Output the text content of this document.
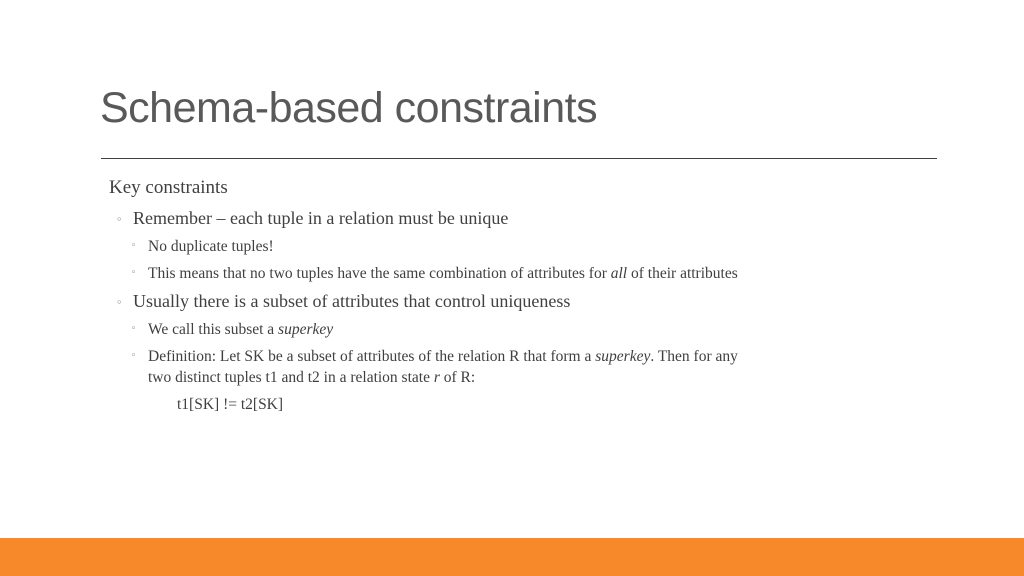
Schema-based constraints
Key constraints
◦ Remember – each tuple in a relation must be unique
◦ No duplicate tuples!
◦ This means that no two tuples have the same combination of attributes for all of their attributes
◦ Usually there is a subset of attributes that control uniqueness
◦ We call this subset a superkey
◦ Definition: Let SK be a subset of attributes of the relation R that form a superkey. Then for any
two distinct tuples t1 and t2 in a relation state r of R:
t1[SK] != t2[SK]
